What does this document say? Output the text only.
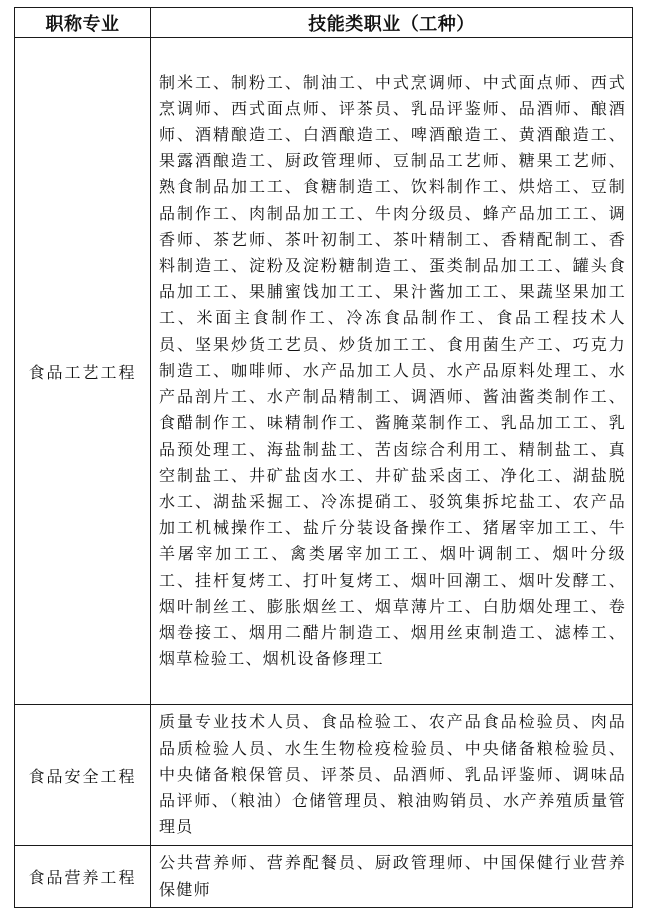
职称专业	技能类职业（工种）
食品工艺工程	制米工、制粉工、制油工、中式烹调师、中式面点师、西式烹调师、西式面点师、评茶员、乳品评鉴师、品酒师、酿酒师、酒精酿造工、白酒酿造工、啤酒酿造工、黄酒酿造工、果露酒酿造工、厨政管理师、豆制品工艺师、糖果工艺师、熟食制品加工工、食糖制造工、饮料制作工、烘焙工、豆制品制作工、肉制品加工工、牛肉分级员、蜂产品加工工、调香师、茶艺师、茶叶初制工、茶叶精制工、香精配制工、香料制造工、淀粉及淀粉糖制造工、蛋类制品加工工、罐头食品加工工、果脯蜜饯加工工、果汁酱加工工、果蔬坚果加工工、米面主食制作工、冷冻食品制作工、食品工程技术人员、坚果炒货工艺员、炒货加工工、食用菌生产工、巧克力制造工、咖啡师、水产品加工人员、水产品原料处理工、水产品剖片工、水产制品精制工、调酒师、酱油酱类制作工、食醋制作工、味精制作工、酱腌菜制作工、乳品加工工、乳品预处理工、海盐制盐工、苦卤综合利用工、精制盐工、真空制盐工、井矿盐卤水工、井矿盐采卤工、净化工、湖盐脱水工、湖盐采掘工、冷冻提硝工、驳筑集拆坨盐工、农产品加工机械操作工、盐斤分装设备操作工、猪屠宰加工工、牛羊屠宰加工工、禽类屠宰加工工、烟叶调制工、烟叶分级工、挂杆复烤工、打叶复烤工、烟叶回潮工、烟叶发酵工、烟叶制丝工、膨胀烟丝工、烟草薄片工、白肋烟处理工、卷烟卷接工、烟用二醋片制造工、烟用丝束制造工、滤棒工、烟草检验工、烟机设备修理工
食品安全工程	质量专业技术人员、食品检验工、农产品食品检验员、肉品品质检验人员、水生生物检疫检验员、中央储备粮检验员、中央储备粮保管员、评茶员、品酒师、乳品评鉴师、调味品品评师、（粮油）仓储管理员、粮油购销员、水产养殖质量管理员
食品营养工程	公共营养师、营养配餐员、厨政管理师、中国保健行业营养保健师
